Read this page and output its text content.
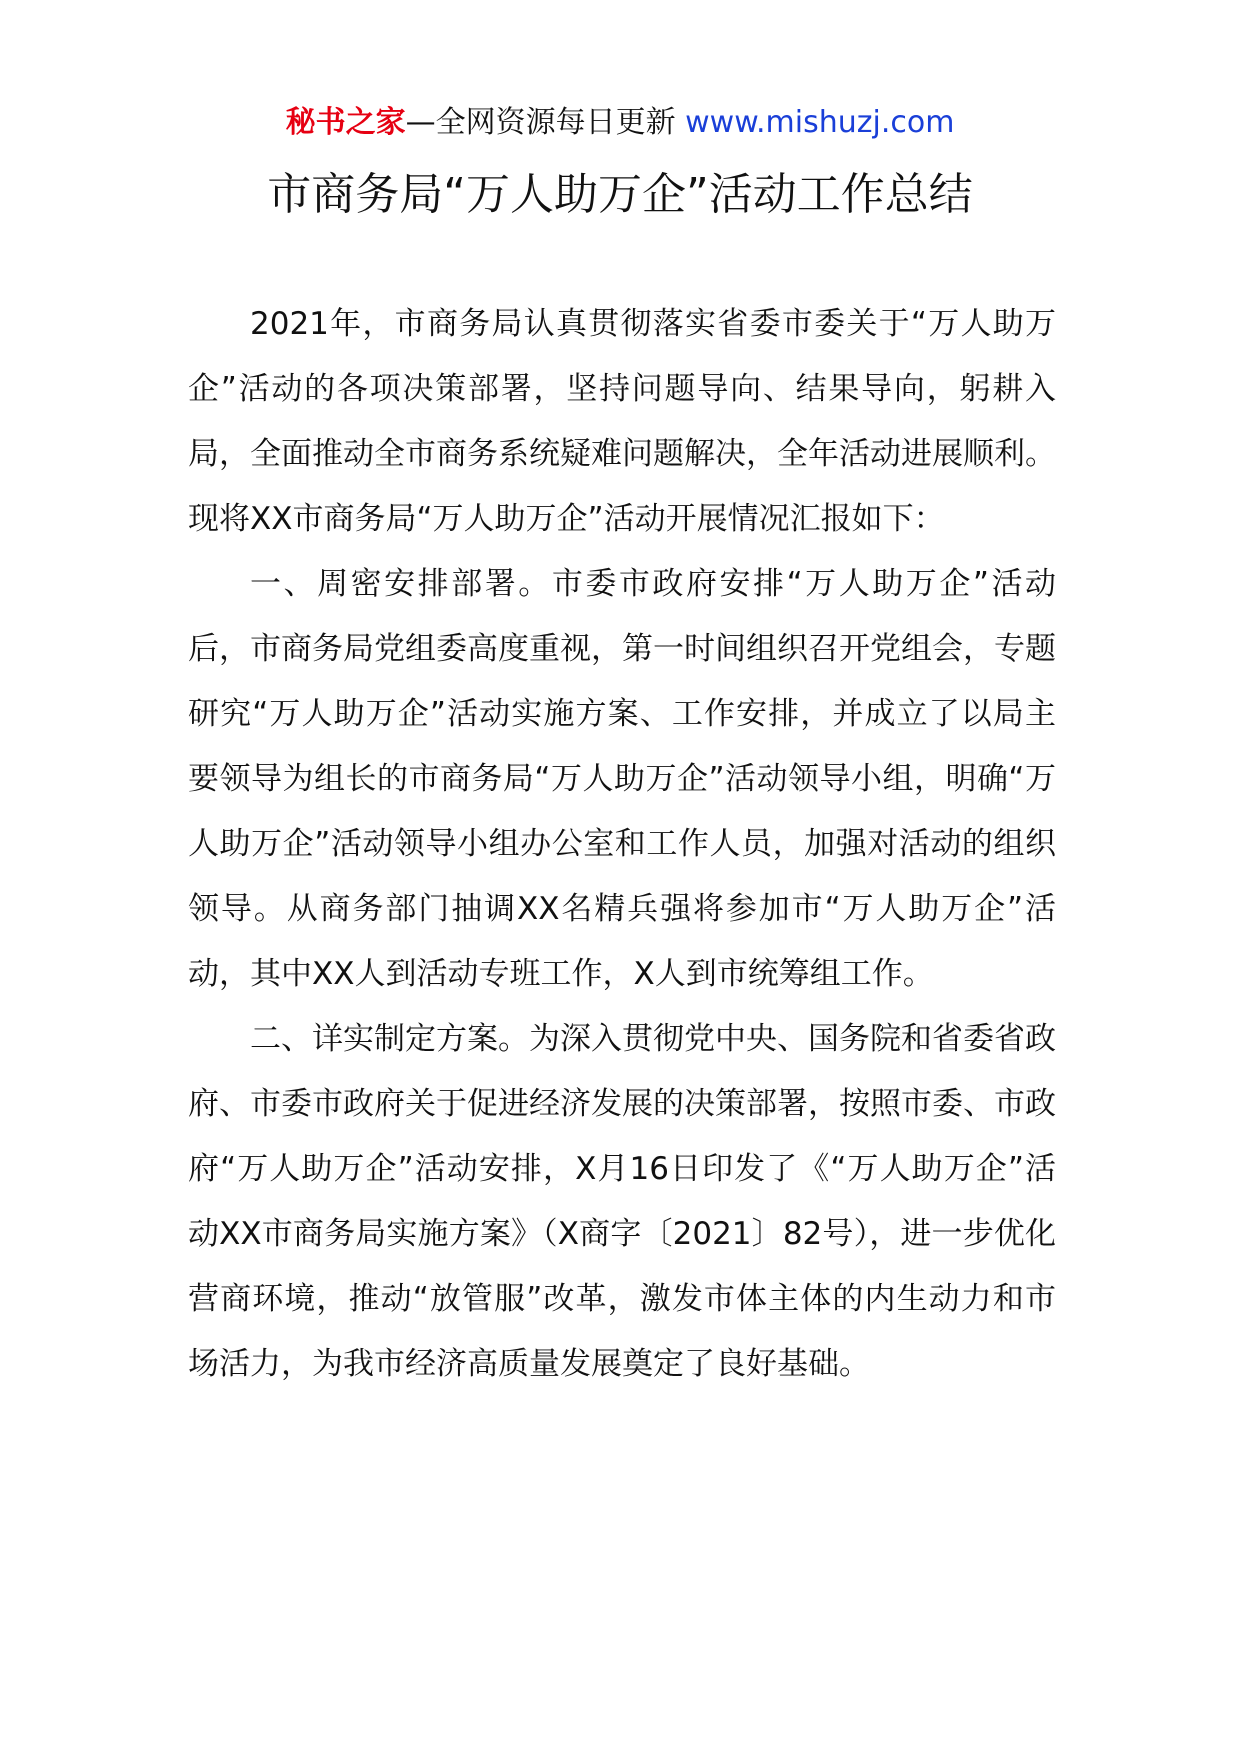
秘书之家—全网资源每日更新 www.mishuzj.com
市商务局“万人助万企”活动工作总结

2021年，市商务局认真贯彻落实省委市委关于“万人助万企”活动的各项决策部署，坚持问题导向、结果导向，躬耕入局，全面推动全市商务系统疑难问题解决，全年活动进展顺利。现将XX市商务局“万人助万企”活动开展情况汇报如下：

一、周密安排部署。市委市政府安排“万人助万企”活动后，市商务局党组委高度重视，第一时间组织召开党组会，专题研究“万人助万企”活动实施方案、工作安排，并成立了以局主要领导为组长的市商务局“万人助万企”活动领导小组，明确“万人助万企”活动领导小组办公室和工作人员，加强对活动的组织领导。从商务部门抽调XX名精兵强将参加市“万人助万企”活动，其中XX人到活动专班工作，X人到市统筹组工作。

二、详实制定方案。为深入贯彻党中央、国务院和省委省政府、市委市政府关于促进经济发展的决策部署，按照市委、市政府“万人助万企”活动安排，X月16日印发了《“万人助万企”活动XX市商务局实施方案》（X商字〔2021〕82号），进一步优化营商环境，推动“放管服”改革，激发市体主体的内生动力和市场活力，为我市经济高质量发展奠定了良好基础。
